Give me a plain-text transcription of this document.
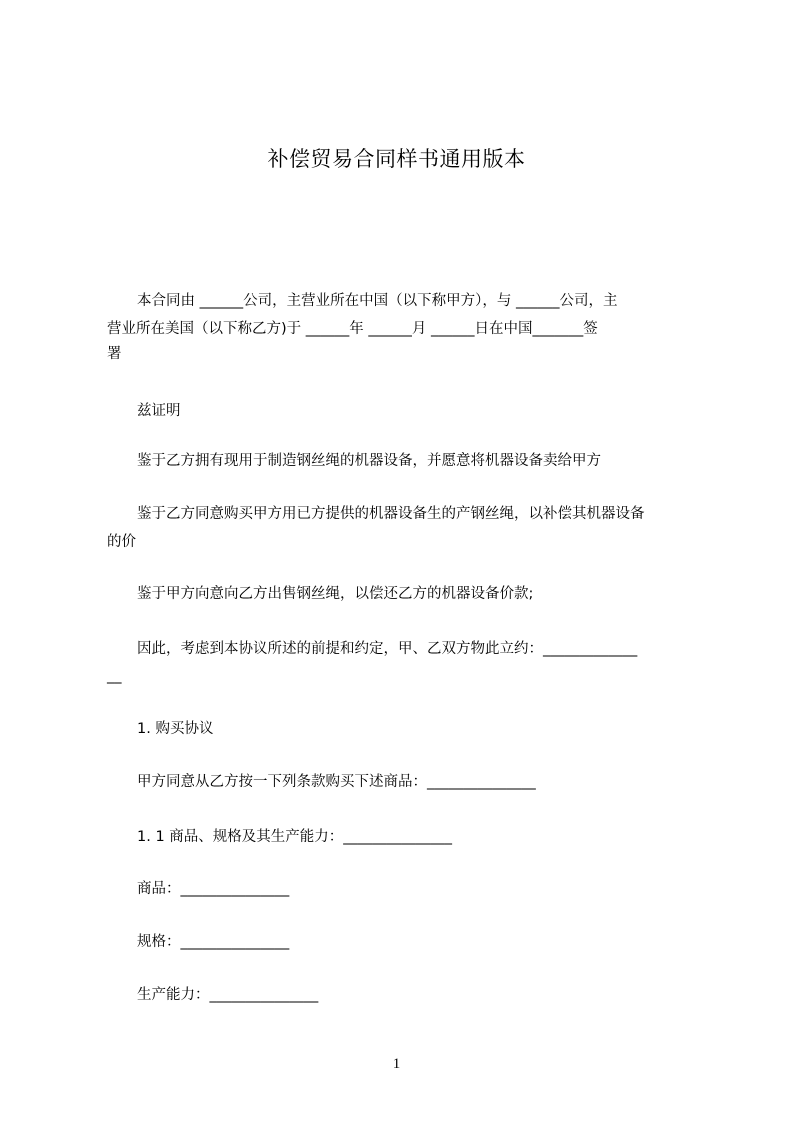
补偿贸易合同样书通用版本
本合同由 ______公司，主营业所在中国（以下称甲方），与 ______公司，主
营业所在美国（以下称乙方)于 ______年 ______月 ______日在中国_______签
署
兹证明
鉴于乙方拥有现用于制造钢丝绳的机器设备，并愿意将机器设备卖给甲方
鉴于乙方同意购买甲方用已方提供的机器设备生的产钢丝绳，以补偿其机器设备
的价
鉴于甲方向意向乙方出售钢丝绳，以偿还乙方的机器设备价款;
因此，考虑到本协议所述的前提和约定，甲、乙双方物此立约：_____________
__
1. 购买协议
甲方同意从乙方按一下列条款购买下述商品：_______________
1. 1 商品、规格及其生产能力：_______________
商品：_______________
规格：_______________
生产能力：_______________
1
